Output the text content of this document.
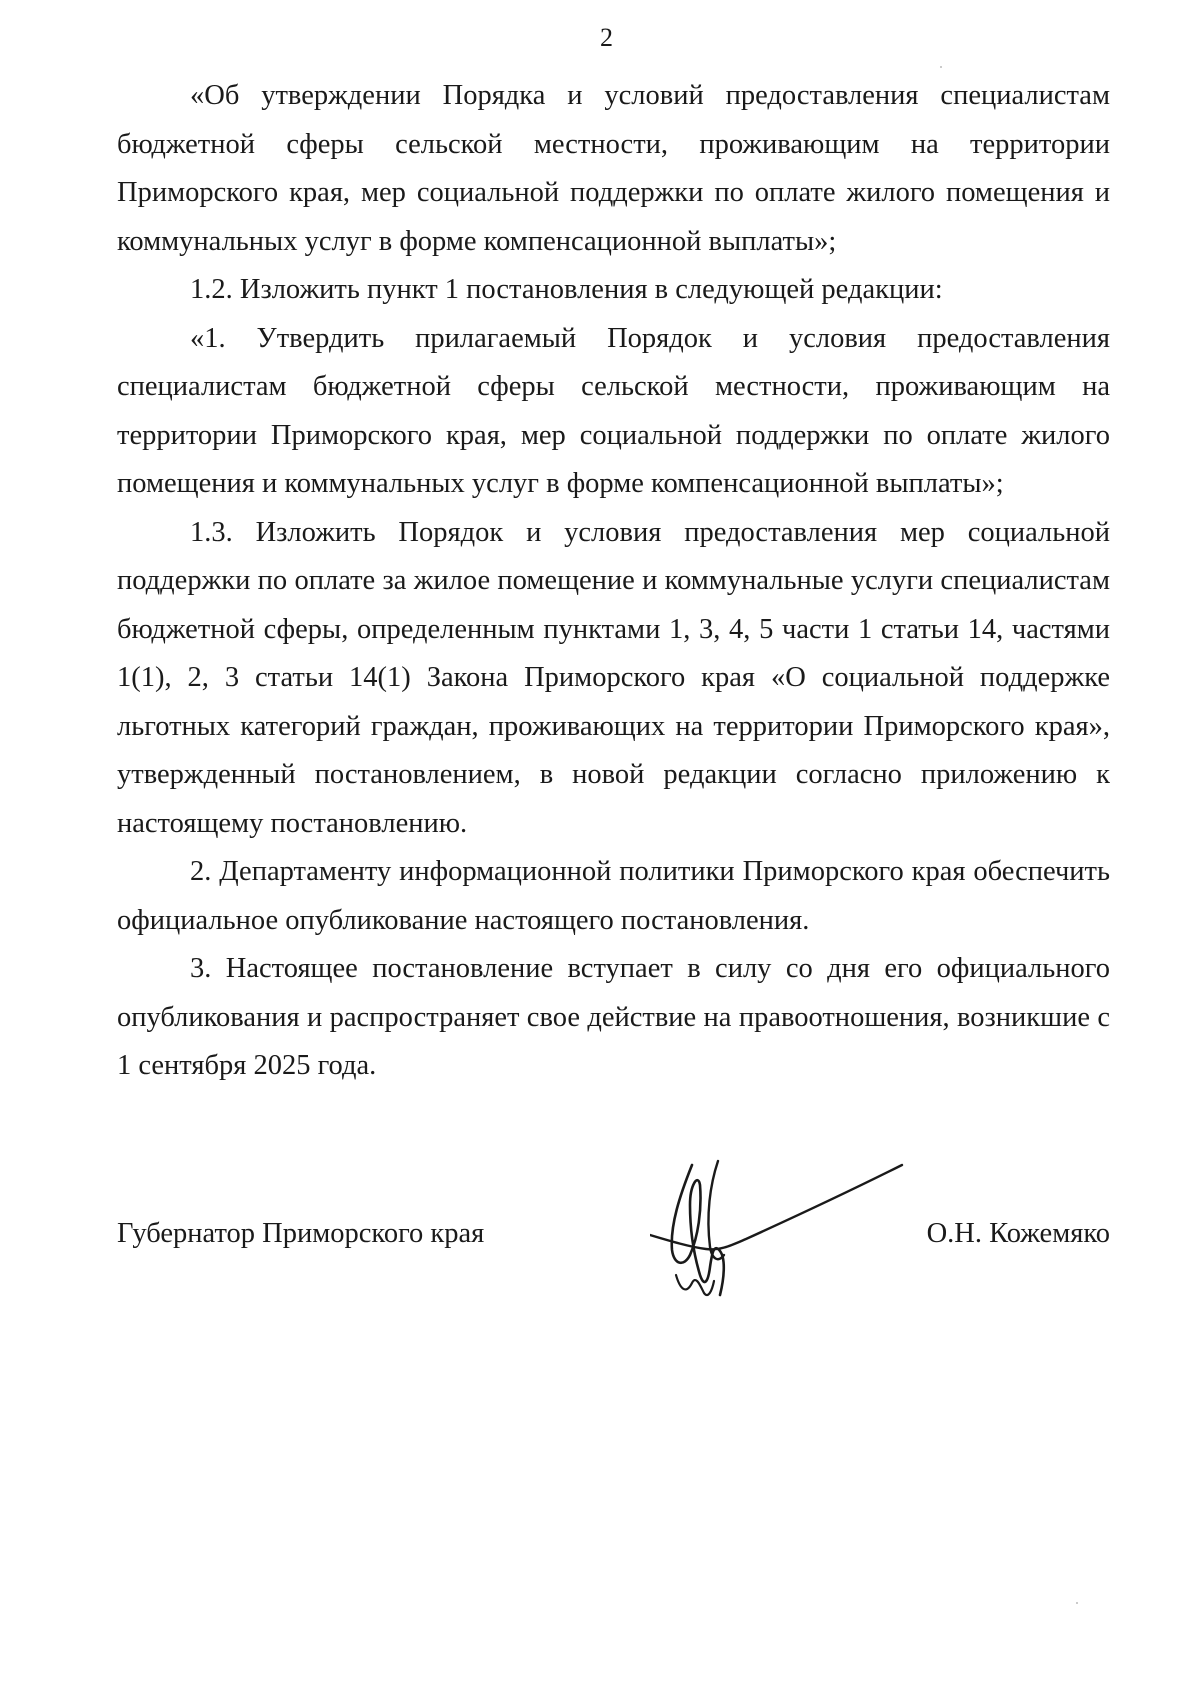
2

«Об утверждении Порядка и условий предоставления специалистам бюджетной сферы сельской местности, проживающим на территории Приморского края, мер социальной поддержки по оплате жилого помещения и коммунальных услуг в форме компенсационной выплаты»;

1.2. Изложить пункт 1 постановления в следующей редакции:

«1. Утвердить прилагаемый Порядок и условия предоставления специалистам бюджетной сферы сельской местности, проживающим на территории Приморского края, мер социальной поддержки по оплате жилого помещения и коммунальных услуг в форме компенсационной выплаты»;

1.3. Изложить Порядок и условия предоставления мер социальной поддержки по оплате за жилое помещение и коммунальные услуги специалистам бюджетной сферы, определенным пунктами 1, 3, 4, 5 части 1 статьи 14, частями 1(1), 2, 3 статьи 14(1) Закона Приморского края «О социальной поддержке льготных категорий граждан, проживающих на территории Приморского края», утвержденный постановлением, в новой редакции согласно приложению к настоящему постановлению.

2. Департаменту информационной политики Приморского края обеспечить официальное опубликование настоящего постановления.

3. Настоящее постановление вступает в силу со дня его официального опубликования и распространяет свое действие на правоотношения, возникшие с 1 сентября 2025 года.

Губернатор Приморского края	О.Н. Кожемяко
